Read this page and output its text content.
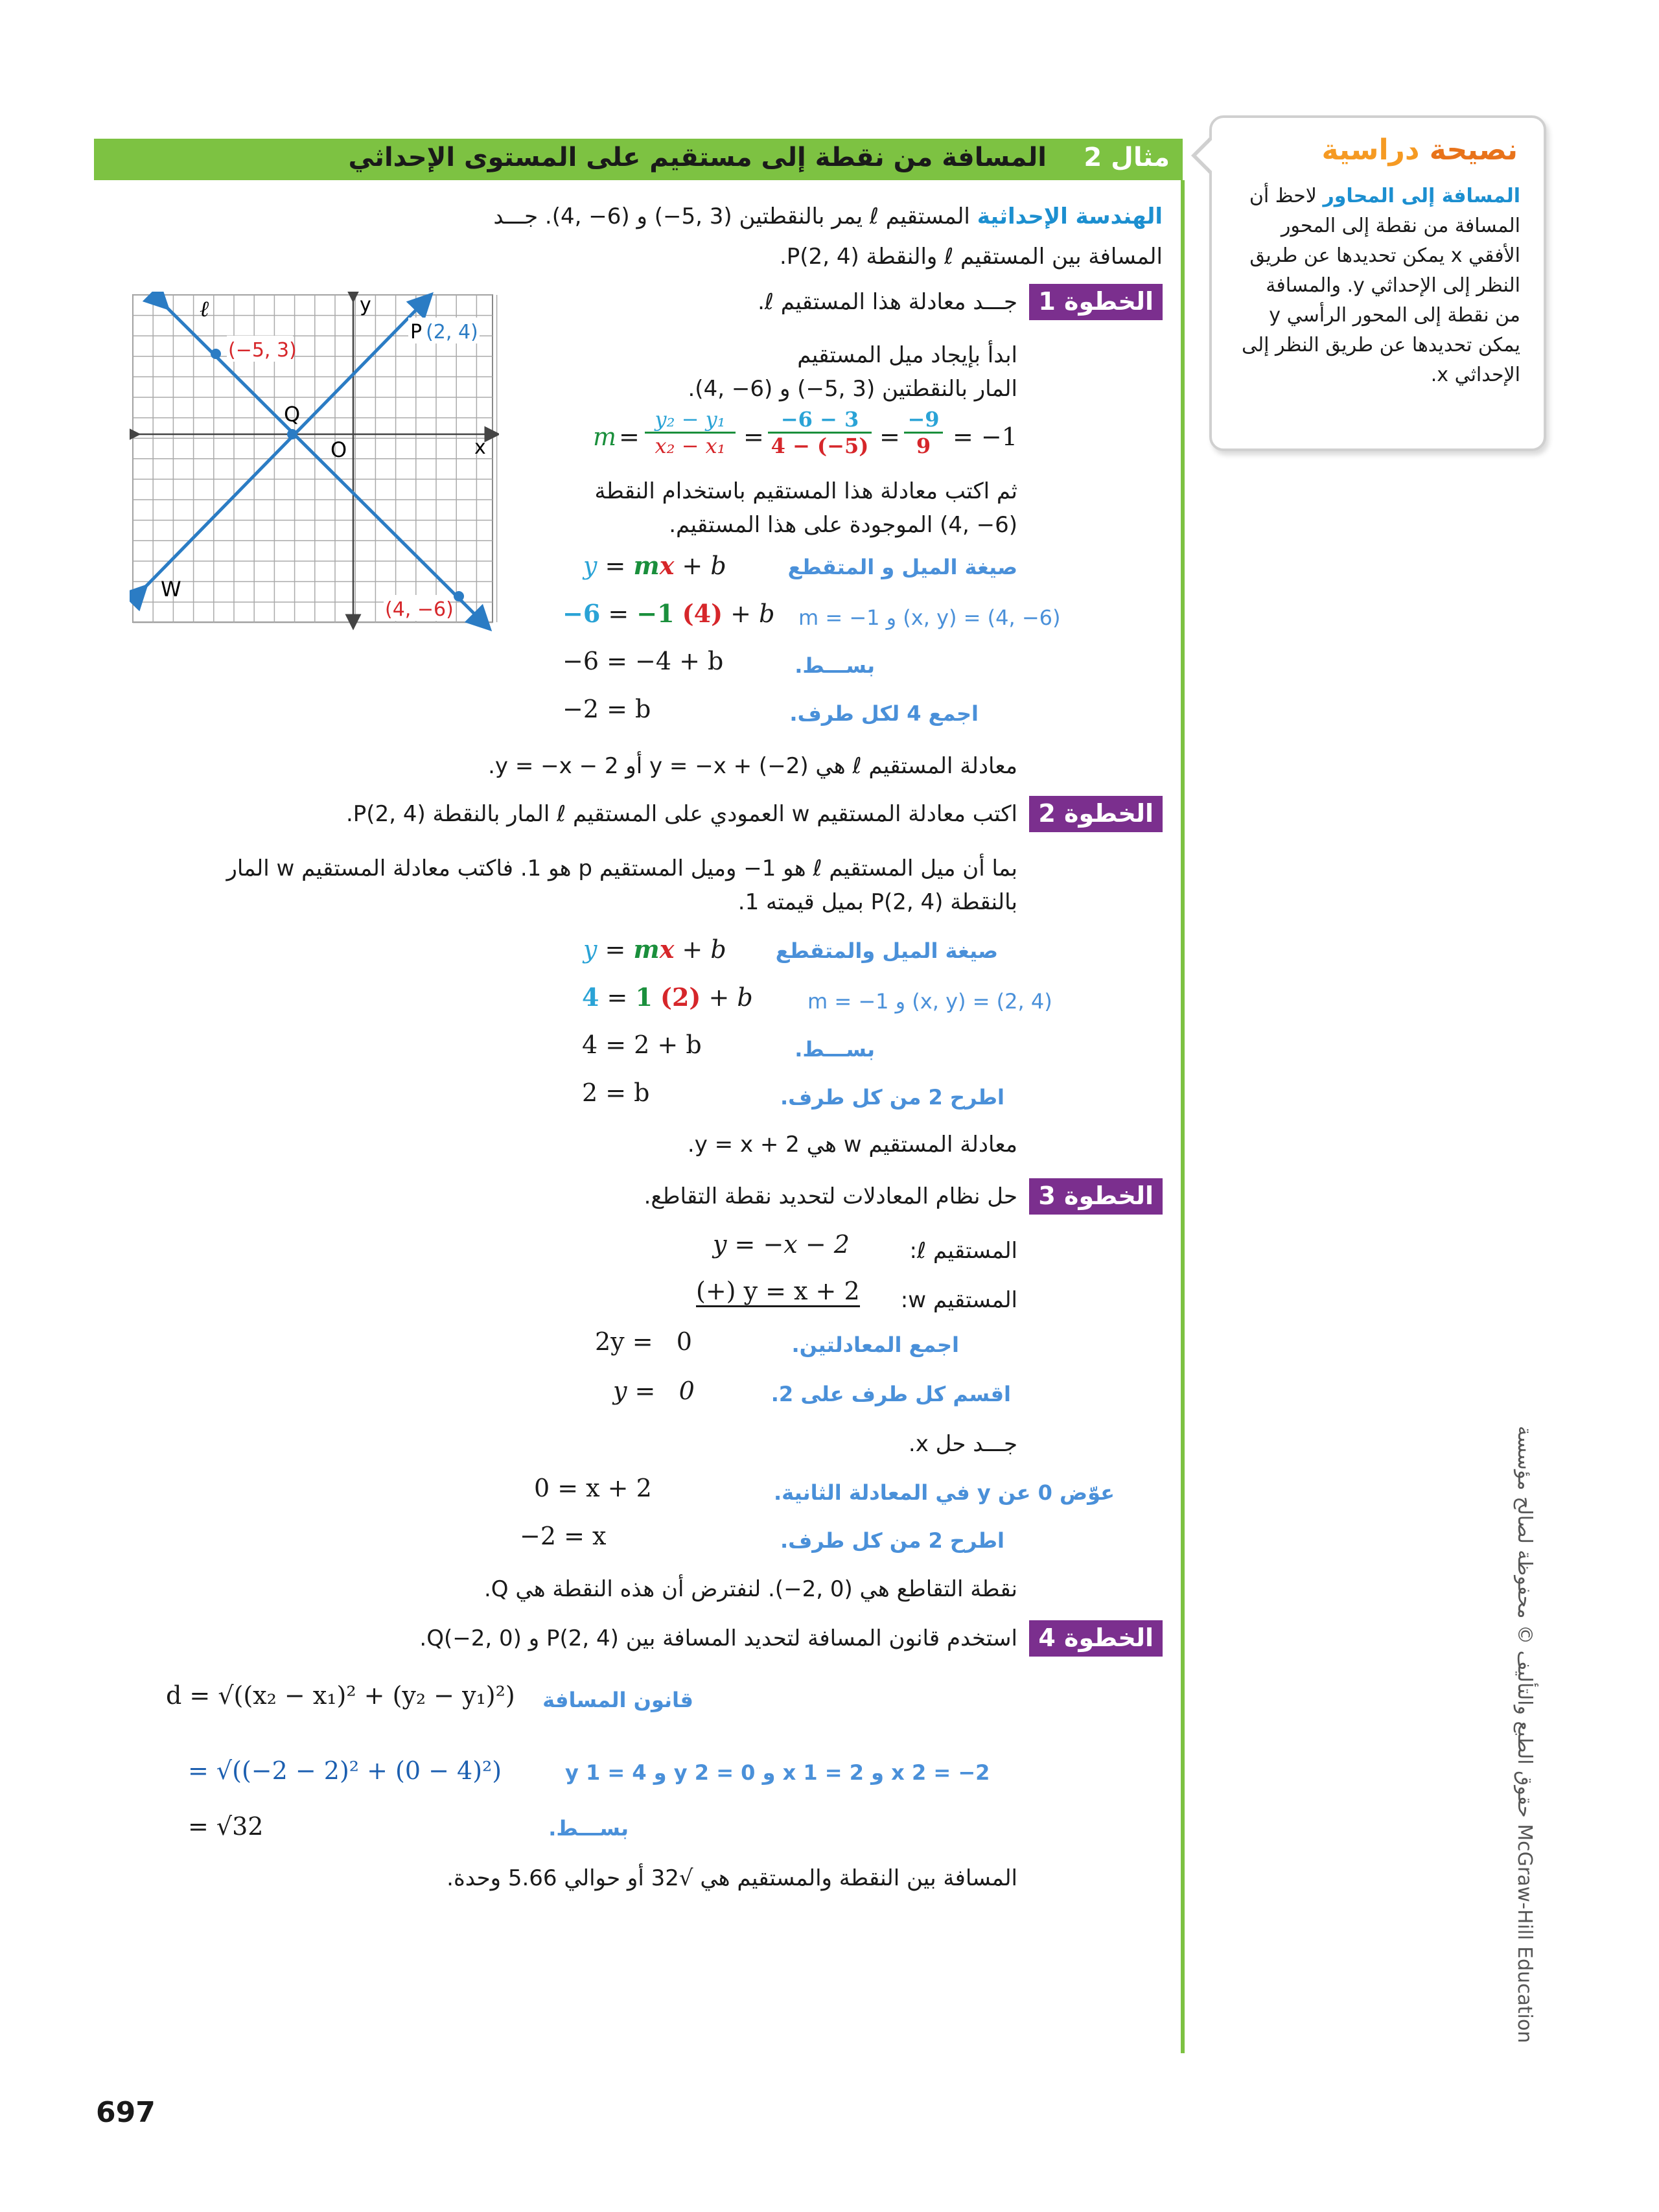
المسافة من نقطة إلى مستقيم على المستوى الإحداثي مثال 2	نصيحة دراسية
المسافة إلى المحاور لاحظ أن المسافة من نقطة إلى المحور الأفقي x يمكن تحديدها عن طريق النظر إلى الإحداثي y. والمسافة من نقطة إلى المحور الرأسي y يمكن تحديدها عن طريق النظر إلى الإحداثي x.
الهندسة الإحداثية المستقيم ℓ يمر بالنقطتين (3 ,5−) و (6− ,4). جـــد
المسافة بين المستقيم ℓ والنقطة (4 ,2)P.
ℓ	y
x
P (2, 4)
(−5, 3)
Q
O
W
(4, −6)
الخطوة 1
جـــد معادلة هذا المستقيم ℓ.
ابدأ بإيجاد ميل المستقيم
المار بالنقطتين (3 ,5−) و (6− ,4).
$m = \frac{\text{y₂ − y₁}}{\text{x₂ − x₁}} = \frac{-6 - 3}{4 - (-5)} = \frac{-9}{9} = -1$
ثم اكتب معادلة هذا المستقيم باستخدام النقطة
(6− ,4) الموجودة على هذا المستقيم.
y = mx + b	صيغة الميل و المتقطع
−6 = −1 (4) + b m = −1 و (x, y) = (4, −6)
−6 = −4 + b	بســـط.
−2 = b	اجمع 4 لكل طرف.
معادلة المستقيم ℓ هي (2−) + y = −x أو y = −x − 2.
الخطوة 2
اكتب معادلة المستقيم w العمودي على المستقيم ℓ المار بالنقطة (4 ,2)P.
بما أن ميل المستقيم ℓ هو 1− وميل المستقيم p هو 1. فاكتب معادلة المستقيم w المار
بالنقطة (4 ,2)P بميل قيمته 1.
y = mx + b صيغة الميل والمتقطع
4 = 1 (2) + b	m = −1 و (x, y) = (2, 4)
4 = 2 + b	بســـط.
2 = b	اطرح 2 من كل طرف.
معادلة المستقيم w هي y = x + 2.
الخطوة 3
حل نظام المعادلات لتحديد نقطة التقاطع.
المستقيم ℓ:
y = −x − 2
المستقيم w:
(+) y = x + 2
2y =   0	اجمع المعادلتين.
y =   0	اقسم كل طرف على 2.
جـــد حل x.
0 = x + 2	عوّض 0 عن y في المعادلة الثانية.
−2 = x	اطرح 2 من كل طرف.
نقطة التقاطع هي (0 ,2−). لنفترض أن هذه النقطة هي Q.
الخطوة 4
استخدم قانون المسافة لتحديد المسافة بين (4 ,2)P و (0 ,2−)Q.
d = √((x₂ − x₁)² + (y₂ − y₁)²) قانون المسافة
= √((−2 − 2)² + (0 − 4)²)	y 1 = 4 و y 2 = 0 و x 1 = 2 و x 2 = −2
= √32	بســـط.
المسافة بين النقطة والمستقيم هي √32 أو حوالي 5.66 وحدة.
697
حقوق الطبع والتأليف © محفوظة لصالح مؤسسة McGraw-Hill Education
